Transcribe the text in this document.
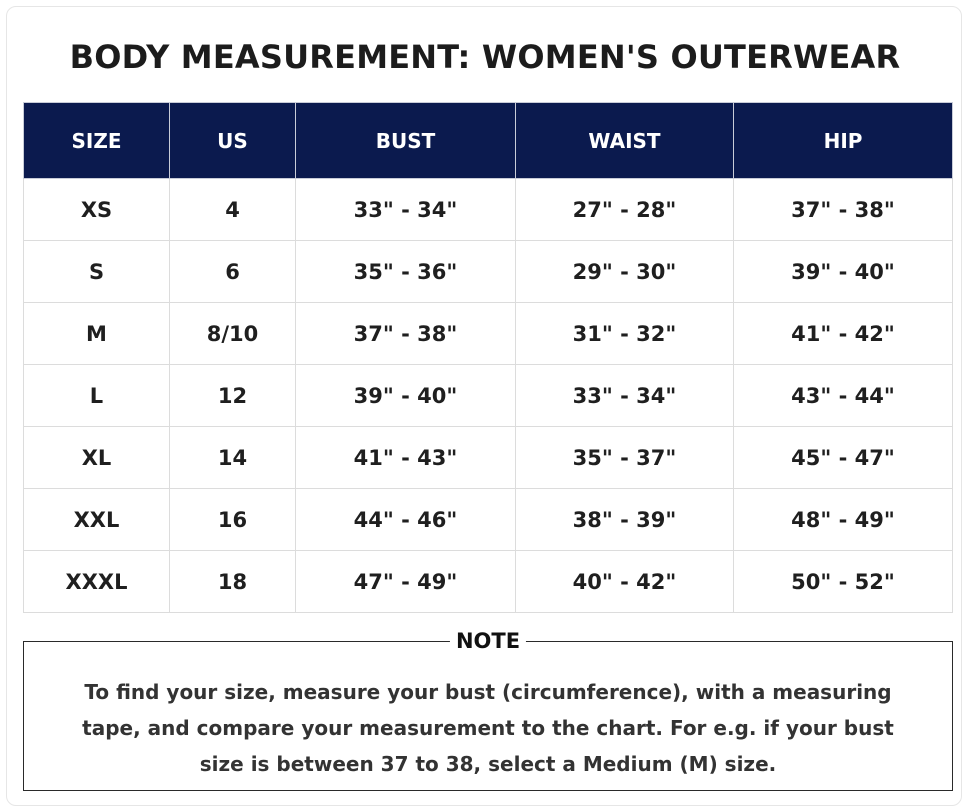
BODY MEASUREMENT: WOMEN'S OUTERWEAR
SIZE	US	BUST	WAIST	HIP
XS	4	33" - 34"	27" - 28"	37" - 38"
S	6	35" - 36"	29" - 30"	39" - 40"
M	8/10	37" - 38"	31" - 32"	41" - 42"
L	12	39" - 40"	33" - 34"	43" - 44"
XL	14	41" - 43"	35" - 37"	45" - 47"
XXL	16	44" - 46"	38" - 39"	48" - 49"
XXXL	18	47" - 49"	40" - 42"	50" - 52"
NOTE
To find your size, measure your bust (circumference), with a measuring tape, and compare your measurement to the chart. For e.g. if your bust size is between 37 to 38, select a Medium (M) size.
